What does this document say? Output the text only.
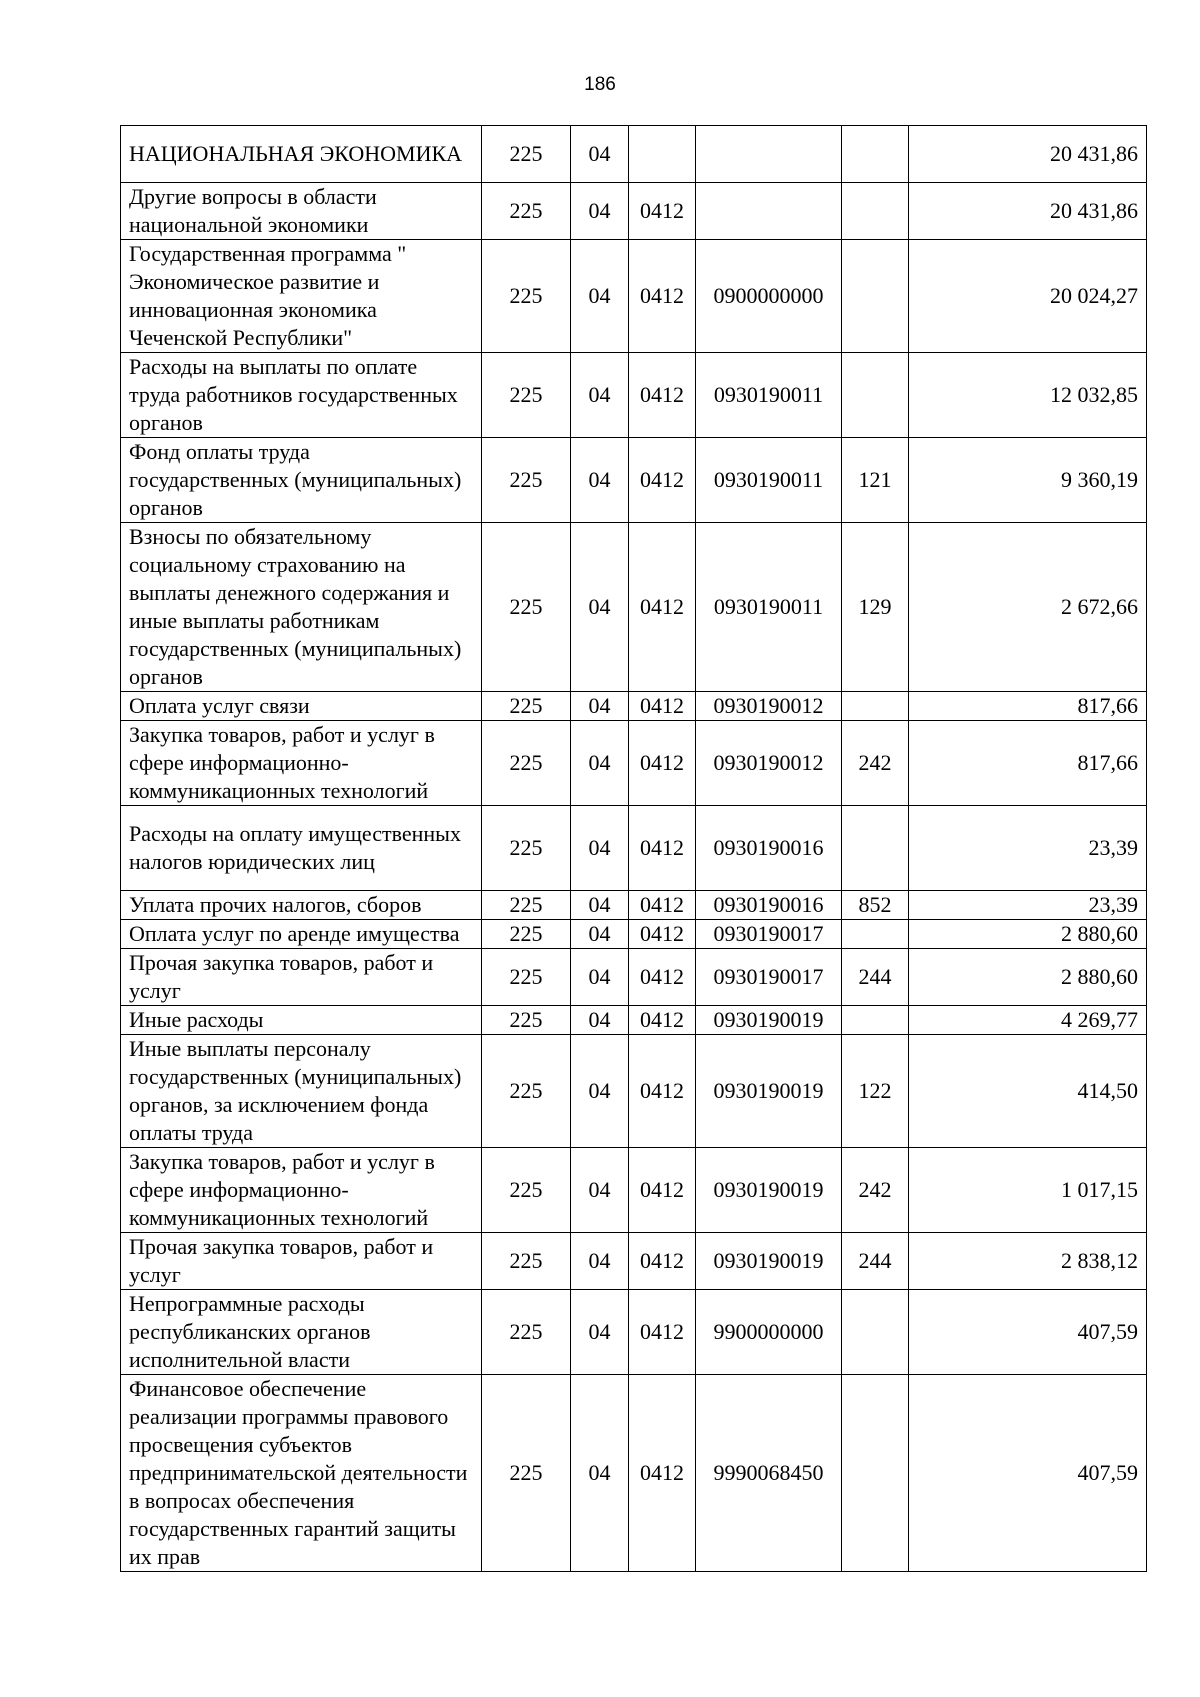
186
НАЦИОНАЛЬНАЯ ЭКОНОМИКА	225	04				20 431,86
Другие вопросы в области национальной экономики	225	04	0412			20 431,86
Государственная программа " Экономическое развитие и инновационная экономика Чеченской Республики"	225	04	0412	0900000000		20 024,27
Расходы на выплаты по оплате труда работников государственных органов	225	04	0412	0930190011		12 032,85
Фонд оплаты труда государственных (муниципальных) органов	225	04	0412	0930190011	121	9 360,19
Взносы по обязательному социальному страхованию на выплаты денежного содержания и иные выплаты работникам государственных (муниципальных) органов	225	04	0412	0930190011	129	2 672,66
Оплата услуг связи	225	04	0412	0930190012		817,66
Закупка товаров, работ и услуг в сфере информационно-коммуникационных технологий	225	04	0412	0930190012	242	817,66
Расходы на оплату имущественных налогов юридических лиц	225	04	0412	0930190016		23,39
Уплата прочих налогов, сборов	225	04	0412	0930190016	852	23,39
Оплата услуг по аренде имущества	225	04	0412	0930190017		2 880,60
Прочая закупка товаров, работ и услуг	225	04	0412	0930190017	244	2 880,60
Иные расходы	225	04	0412	0930190019		4 269,77
Иные выплаты персоналу государственных (муниципальных) органов, за исключением фонда оплаты труда	225	04	0412	0930190019	122	414,50
Закупка товаров, работ и услуг в сфере информационно-коммуникационных технологий	225	04	0412	0930190019	242	1 017,15
Прочая закупка товаров, работ и услуг	225	04	0412	0930190019	244	2 838,12
Непрограммные расходы республиканских органов исполнительной власти	225	04	0412	9900000000		407,59
Финансовое обеспечение реализации программы правового просвещения субъектов предпринимательской деятельности в вопросах обеспечения государственных гарантий защиты их прав	225	04	0412	9990068450		407,59
